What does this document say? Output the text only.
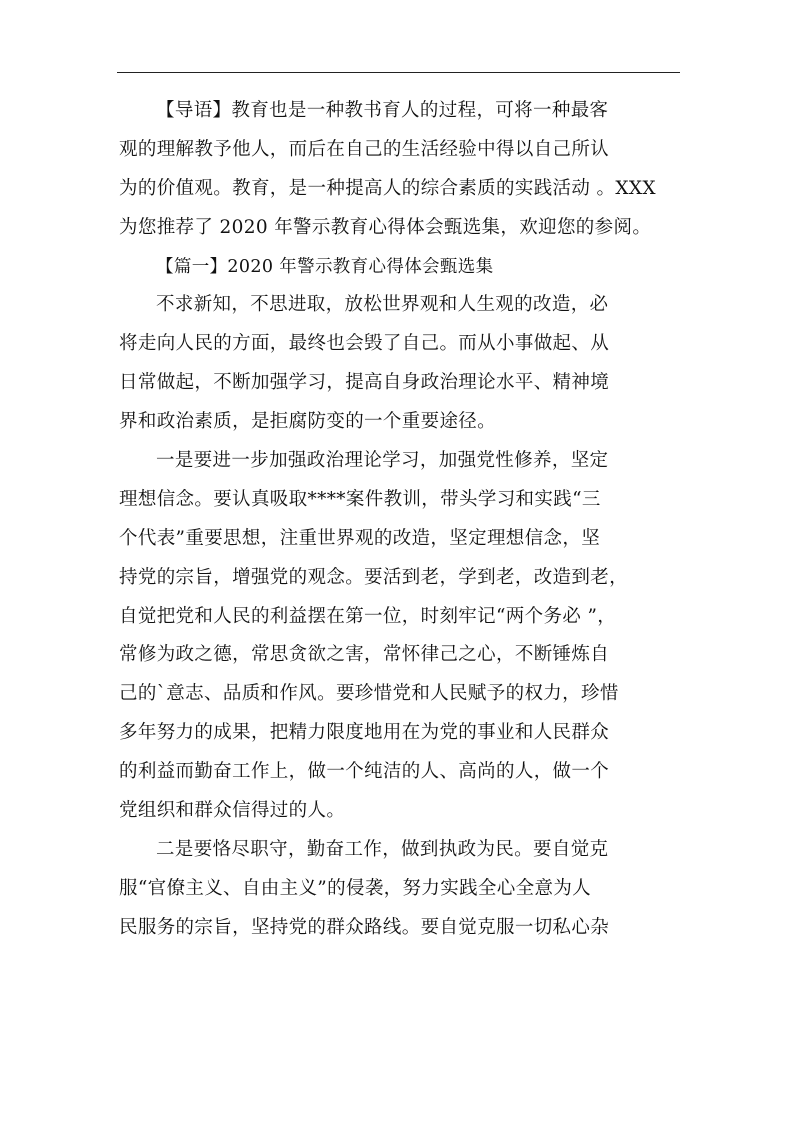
【导语】教育也是一种教书育人的过程，可将一种最客
观的理解教予他人，而后在自己的生活经验中得以自己所认
为的价值观。教育，是一种提高人的综合素质的实践活动 。XXX
为您推荐了 2020 年警示教育心得体会甄选集，欢迎您的参阅。
【篇一】2020 年警示教育心得体会甄选集
不求新知，不思进取，放松世界观和人生观的改造，必
将走向人民的方面，最终也会毁了自己。而从小事做起、从
日常做起，不断加强学习，提高自身政治理论水平、精神境
界和政治素质，是拒腐防变的一个重要途径。
一是要进一步加强政治理论学习，加强党性修养，坚定
理想信念。要认真吸取****案件教训，带头学习和实践“三
个代表”重要思想，注重世界观的改造，坚定理想信念，坚
持党的宗旨，增强党的观念。要活到老，学到老，改造到老，
自觉把党和人民的利益摆在第一位，时刻牢记“两个务必 ”，
常修为政之德，常思贪欲之害，常怀律己之心，不断锤炼自
己的`意志、品质和作风。要珍惜党和人民赋予的权力，珍惜
多年努力的成果，把精力限度地用在为党的事业和人民群众
的利益而勤奋工作上，做一个纯洁的人、高尚的人，做一个
党组织和群众信得过的人。
二是要恪尽职守，勤奋工作，做到执政为民。要自觉克
服“官僚主义、自由主义”的侵袭，努力实践全心全意为人
民服务的宗旨，坚持党的群众路线。要自觉克服一切私心杂
